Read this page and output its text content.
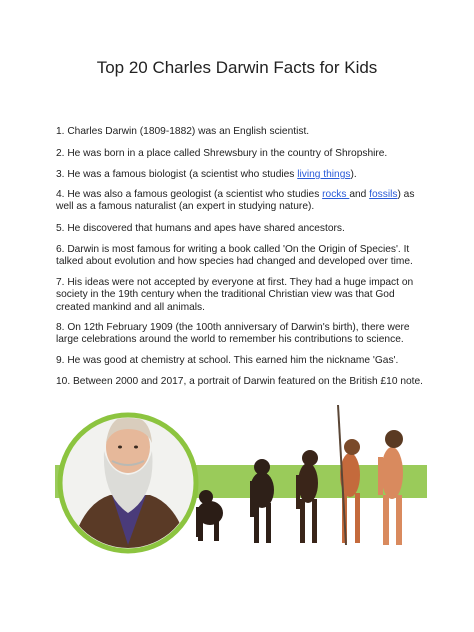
Top 20 Charles Darwin Facts for Kids
1. Charles Darwin (1809-1882) was an English scientist.
2. He was born in a place called Shrewsbury in the country of Shropshire.
3. He was a famous biologist (a scientist who studies living things).
4. He was also a famous geologist (a scientist who studies rocks and fossils) as well as a famous naturalist (an expert in studying nature).
5. He discovered that humans and apes have shared ancestors.
6. Darwin is most famous for writing a book called 'On the Origin of Species'. It talked about evolution and how species had changed and developed over time.
7. His ideas were not accepted by everyone at first. They had a huge impact on society in the 19th century when the traditional Christian view was that God created mankind and all animals.
8. On 12th February 1909 (the 100th anniversary of Darwin's birth), there were large celebrations around the world to remember his contributions to science.
9. He was good at chemistry at school. This earned him the nickname 'Gas'.
10. Between 2000 and 2017, a portrait of Darwin featured on the British £10 note.
